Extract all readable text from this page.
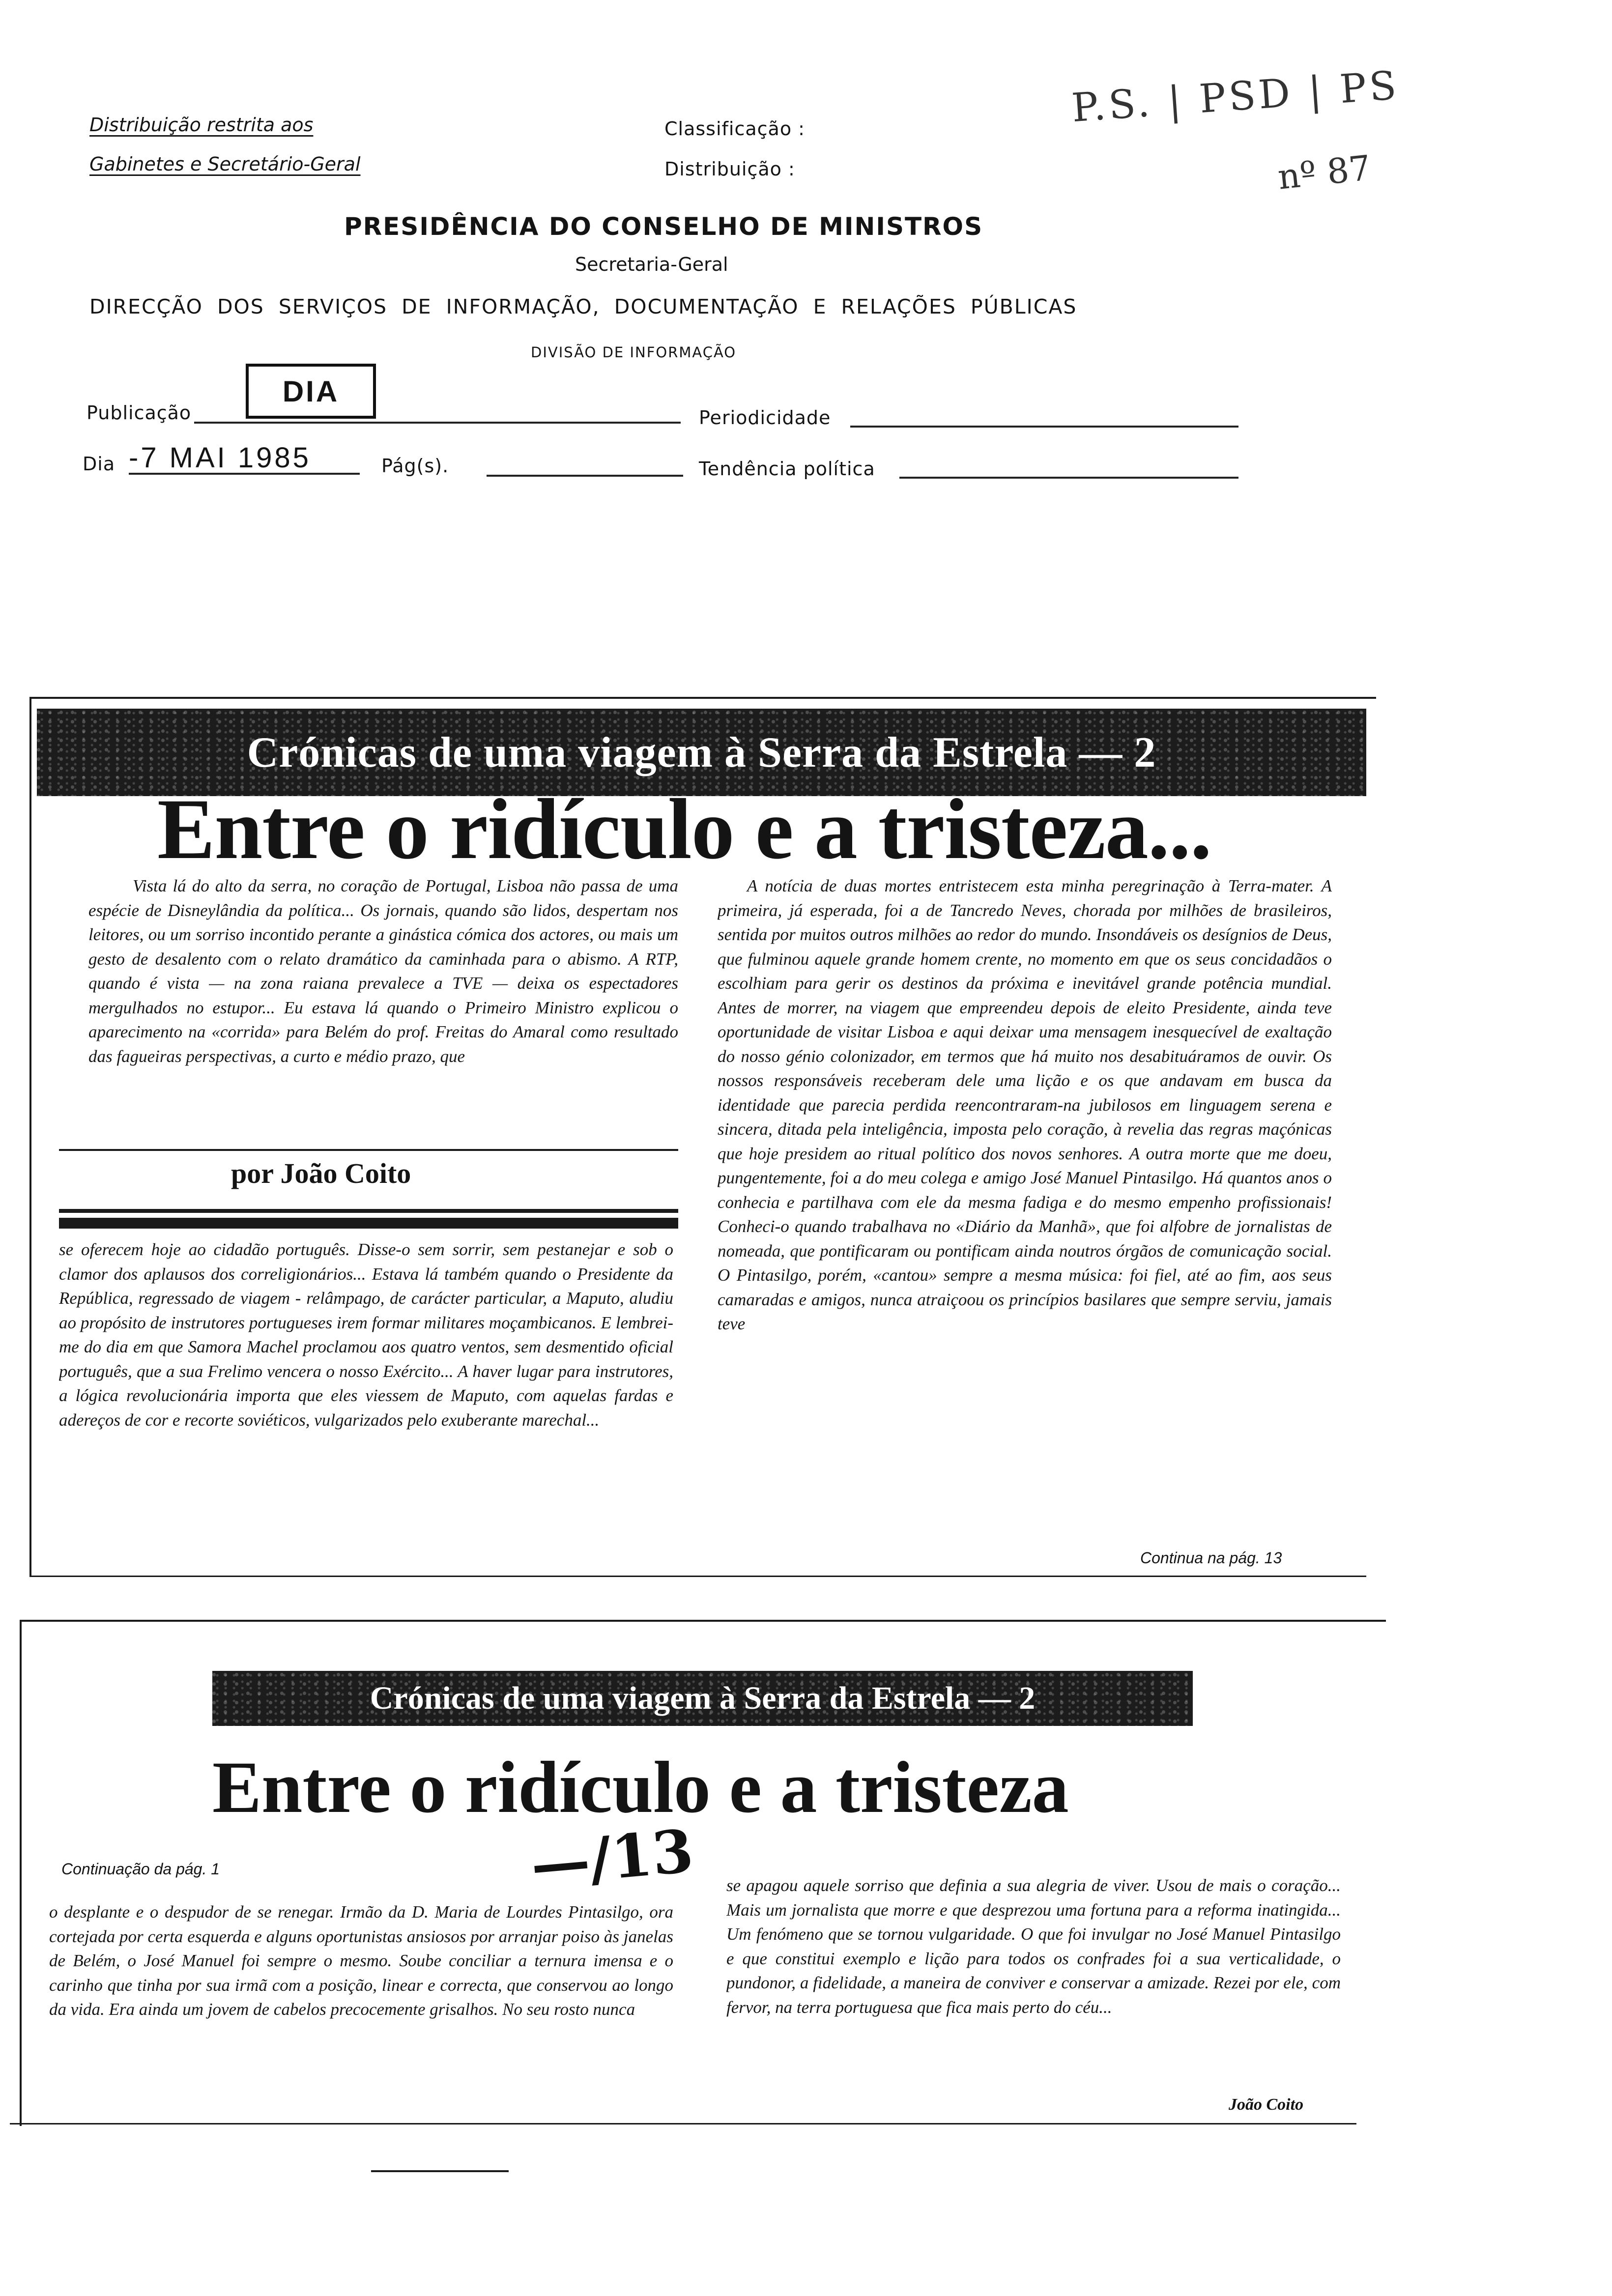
Distribuição restrita aos
Gabinetes e Secretário-Geral
Classificação :
Distribuição :
P.S. | PSD | PS
nº 87
PRESIDÊNCIA DO CONSELHO DE MINISTROS
Secretaria-Geral
DIRECÇÃO DOS SERVIÇOS DE INFORMAÇÃO, DOCUMENTAÇÃO E RELAÇÕES PÚBLICAS
DIVISÃO DE INFORMAÇÃO
Publicação
DIA
Periodicidade
Dia -7 MAI 1985	Pág(s).	Tendência política
Crónicas de uma viagem à Serra da Estrela — 2
Entre o ridículo e a tristeza...

Vista lá do alto da serra, no coração de Portugal, Lisboa não passa de uma espécie de Disneylândia da política... Os jornais, quando são lidos, despertam nos leitores, ou um sorriso incontido perante a ginástica cómica dos actores, ou mais um gesto de desalento com o relato dramático da caminhada para o abismo. A RTP, quando é vista — na zona raiana prevalece a TVE — deixa os espectadores mergulhados no estupor... Eu estava lá quando o Primeiro Ministro explicou o aparecimento na «corrida» para Belém do prof. Freitas do Amaral como resultado das fagueiras perspectivas, a curto e médio prazo, que

por João Coito

se oferecem hoje ao cidadão português. Disse-o sem sorrir, sem pestanejar e sob o clamor dos aplausos dos correligionários... Estava lá também quando o Presidente da República, regressado de viagem - relâmpago, de carácter particular, a Maputo, aludiu ao propósito de instrutores portugueses irem formar militares moçambicanos. E lembrei-me do dia em que Samora Machel proclamou aos quatro ventos, sem desmentido oficial português, que a sua Frelimo vencera o nosso Exército... A haver lugar para instrutores, a lógica revolucionária importa que eles viessem de Maputo, com aquelas fardas e adereços de cor e recorte soviéticos, vulgarizados pelo exuberante marechal...

A notícia de duas mortes entristecem esta minha peregrinação à Terra-mater. A primeira, já esperada, foi a de Tancredo Neves, chorada por milhões de brasileiros, sentida por muitos outros milhões ao redor do mundo. Insondáveis os desígnios de Deus, que fulminou aquele grande homem crente, no momento em que os seus concidadãos o escolhiam para gerir os destinos da próxima e inevitável grande potência mundial. Antes de morrer, na viagem que empreendeu depois de eleito Presidente, ainda teve oportunidade de visitar Lisboa e aqui deixar uma mensagem inesquecível de exaltação do nosso génio colonizador, em termos que há muito nos desabituáramos de ouvir. Os nossos responsáveis receberam dele uma lição e os que andavam em busca da identidade que parecia perdida reencontraram-na jubilosos em linguagem serena e sincera, ditada pela inteligência, imposta pelo coração, à revelia das regras maçónicas que hoje presidem ao ritual político dos novos senhores. A outra morte que me doeu, pungentemente, foi a do meu colega e amigo José Manuel Pintasilgo. Há quantos anos o conhecia e partilhava com ele da mesma fadiga e do mesmo empenho profissionais! Conheci-o quando trabalhava no «Diário da Manhã», que foi alfobre de jornalistas de nomeada, que pontificaram ou pontificam ainda noutros órgãos de comunicação social. O Pintasilgo, porém, «cantou» sempre a mesma música: foi fiel, até ao fim, aos seus camaradas e amigos, nunca atraiçoou os princípios basilares que sempre serviu, jamais teve

Continua na pág. 13
Crónicas de uma viagem à Serra da Estrela — 2
Entre o ridículo e a tristeza
—/13
Continuação da pág. 1

o desplante e o despudor de se renegar. Irmão da D. Maria de Lourdes Pintasilgo, ora cortejada por certa esquerda e alguns oportunistas ansiosos por arranjar poiso às janelas de Belém, o José Manuel foi sempre o mesmo. Soube conciliar a ternura imensa e o carinho que tinha por sua irmã com a posição, linear e correcta, que conservou ao longo da vida. Era ainda um jovem de cabelos precocemente grisalhos. No seu rosto nunca

se apagou aquele sorriso que definia a sua alegria de viver. Usou de mais o coração... Mais um jornalista que morre e que desprezou uma fortuna para a reforma inatingida... Um fenómeno que se tornou vulgaridade. O que foi invulgar no José Manuel Pintasilgo e que constitui exemplo e lição para todos os confrades foi a sua verticalidade, o pundonor, a fidelidade, a maneira de conviver e conservar a amizade. Rezei por ele, com fervor, na terra portuguesa que fica mais perto do céu...

João Coito
